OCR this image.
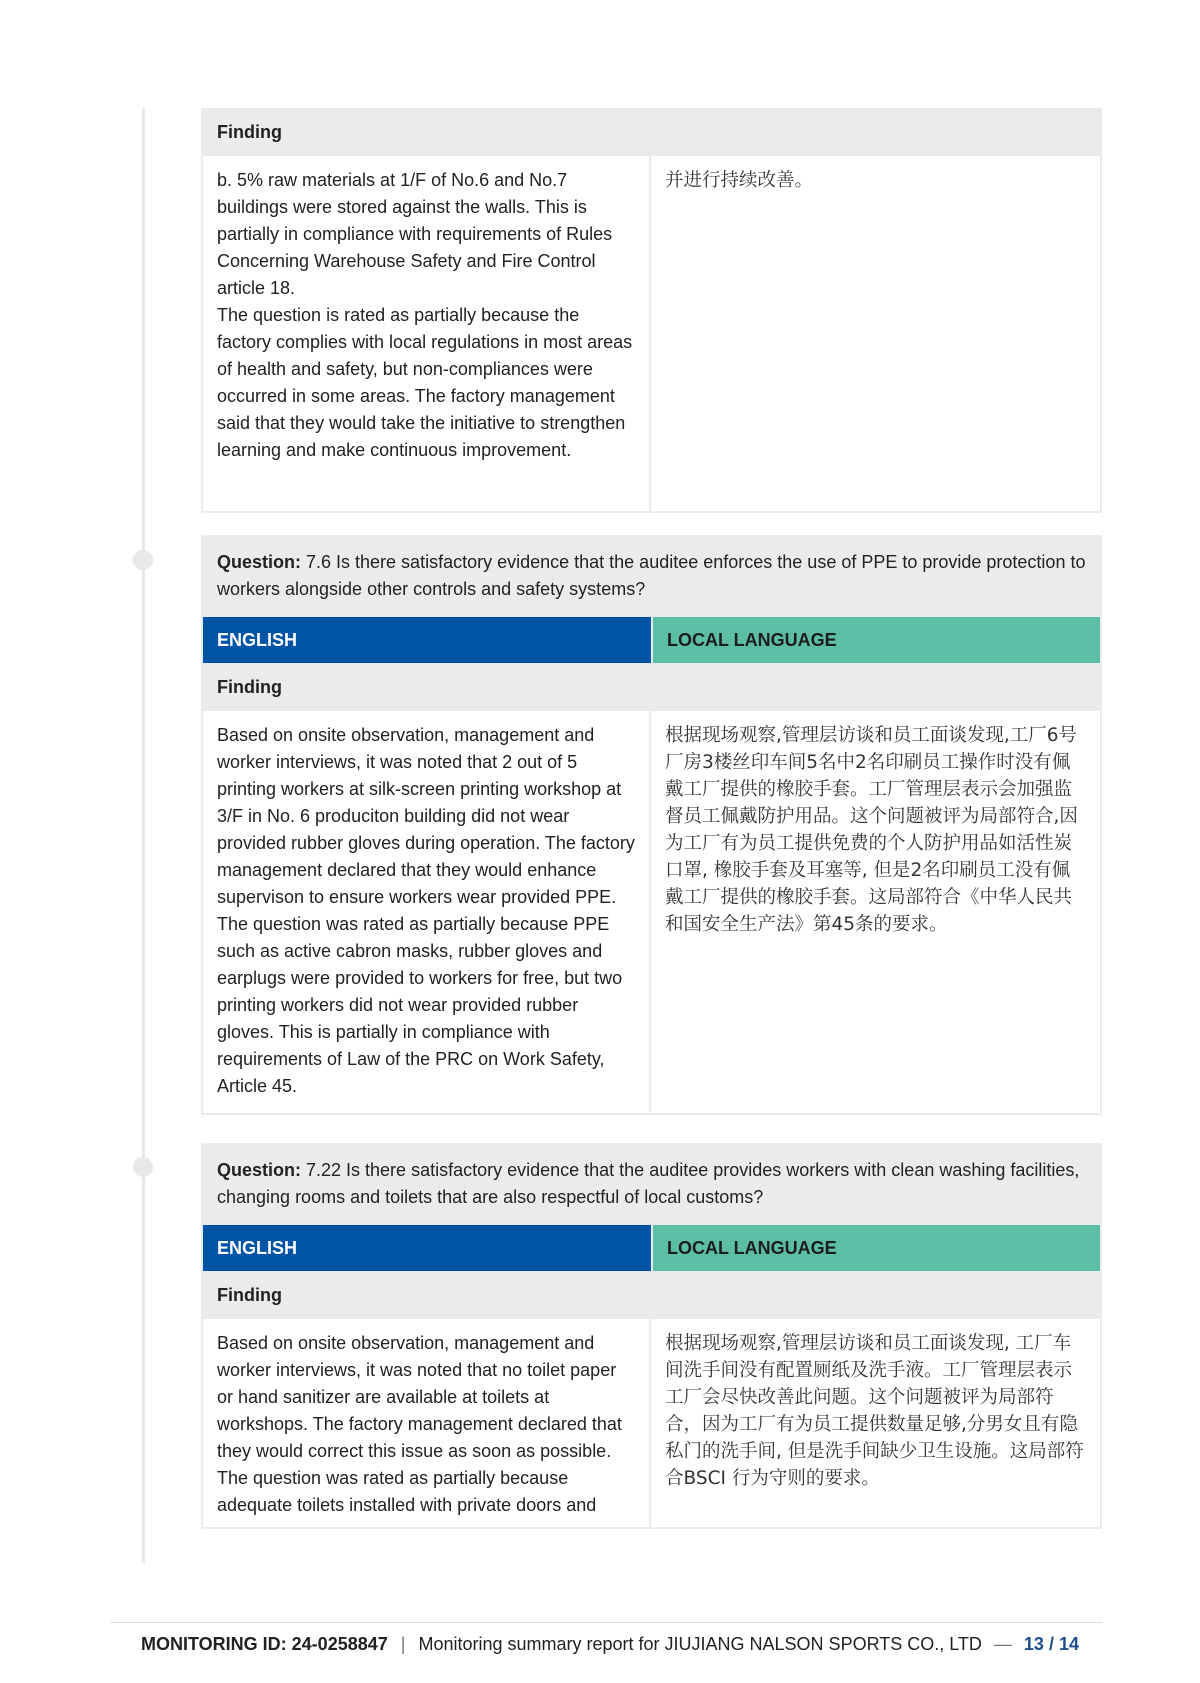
Finding
b. 5% raw materials at 1/F of No.6 and No.7 buildings were stored against the walls. This is partially in compliance with requirements of Rules Concerning Warehouse Safety and Fire Control article 18.
The question is rated as partially because the factory complies with local regulations in most areas of health and safety, but non-compliances were occurred in some areas. The factory management said that they would take the initiative to strengthen learning and make continuous improvement.
并进行持续改善。
Question: 7.6 Is there satisfactory evidence that the auditee enforces the use of PPE to provide protection to workers alongside other controls and safety systems?
ENGLISH	LOCAL LANGUAGE
Finding
Based on onsite observation, management and worker interviews, it was noted that 2 out of 5 printing workers at silk-screen printing workshop at 3/F in No. 6 produciton building did not wear provided rubber gloves during operation. The factory management declared that they would enhance supervison to ensure workers wear provided PPE. The question was rated as partially because PPE such as active cabron masks, rubber gloves and earplugs were provided to workers for free, but two printing workers did not wear provided rubber gloves. This is partially in compliance with requirements of Law of the PRC on Work Safety, Article 45.
根据现场观察,管理层访谈和员工面谈发现,工厂6号厂房3楼丝印车间5名中2名印刷员工操作时没有佩戴工厂提供的橡胶手套。工厂管理层表示会加强监督员工佩戴防护用品。这个问题被评为局部符合,因为工厂有为员工提供免费的个人防护用品如活性炭口罩, 橡胶手套及耳塞等, 但是2名印刷员工没有佩戴工厂提供的橡胶手套。这局部符合《中华人民共和国安全生产法》第45条的要求。
Question: 7.22 Is there satisfactory evidence that the auditee provides workers with clean washing facilities, changing rooms and toilets that are also respectful of local customs?
ENGLISH	LOCAL LANGUAGE
Finding
Based on onsite observation, management and worker interviews, it was noted that no toilet paper or hand sanitizer are available at toilets at workshops. The factory management declared that they would correct this issue as soon as possible. The question was rated as partially because adequate toilets installed with private doors and
根据现场观察,管理层访谈和员工面谈发现, 工厂车间洗手间没有配置厕纸及洗手液。工厂管理层表示工厂会尽快改善此问题。这个问题被评为局部符合，因为工厂有为员工提供数量足够,分男女且有隐私门的洗手间, 但是洗手间缺少卫生设施。这局部符合BSCI 行为守则的要求。
MONITORING ID: 24-0258847 | Monitoring summary report for JIUJIANG NALSON SPORTS CO., LTD — 13 / 14
